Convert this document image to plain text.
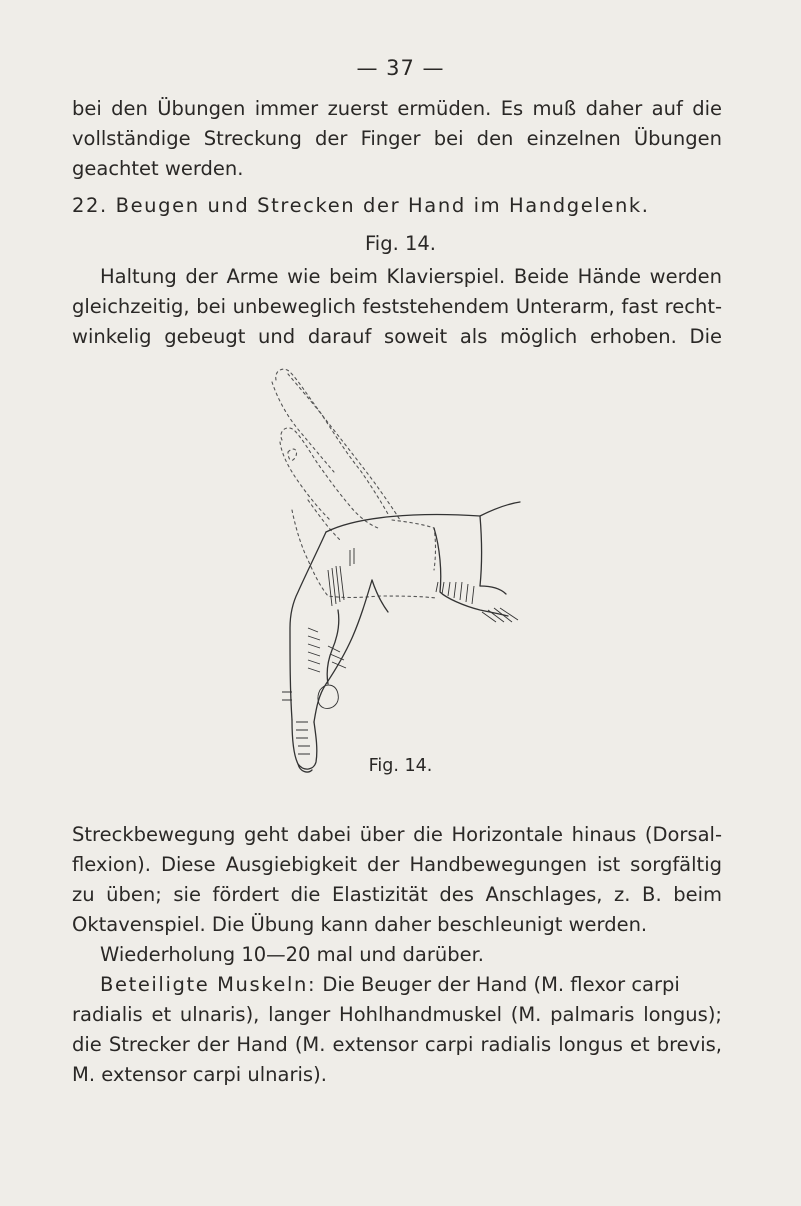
— 37 —
bei den Übungen immer zuerst ermüden. Es muß daher auf die
vollständige Streckung der Finger bei den einzelnen Übungen
geachtet werden.
22. Beugen und Strecken der Hand im Handgelenk.
Fig. 14.
Haltung der Arme wie beim Klavierspiel. Beide Hände werden
gleichzeitig, bei unbeweglich feststehendem Unterarm, fast recht-
winkelig gebeugt und darauf soweit als möglich erhoben. Die
Fig. 14.
Streckbewegung geht dabei über die Horizontale hinaus (Dorsal-
flexion). Diese Ausgiebigkeit der Handbewegungen ist sorgfältig
zu üben; sie fördert die Elastizität des Anschlages, z. B. beim
Oktavenspiel. Die Übung kann daher beschleunigt werden.
Wiederholung 10—20 mal und darüber.
Beteiligte Muskeln: Die Beuger der Hand (M. flexor carpi
radialis et ulnaris), langer Hohlhandmuskel (M. palmaris longus);
die Strecker der Hand (M. extensor carpi radialis longus et brevis,
M. extensor carpi ulnaris).
